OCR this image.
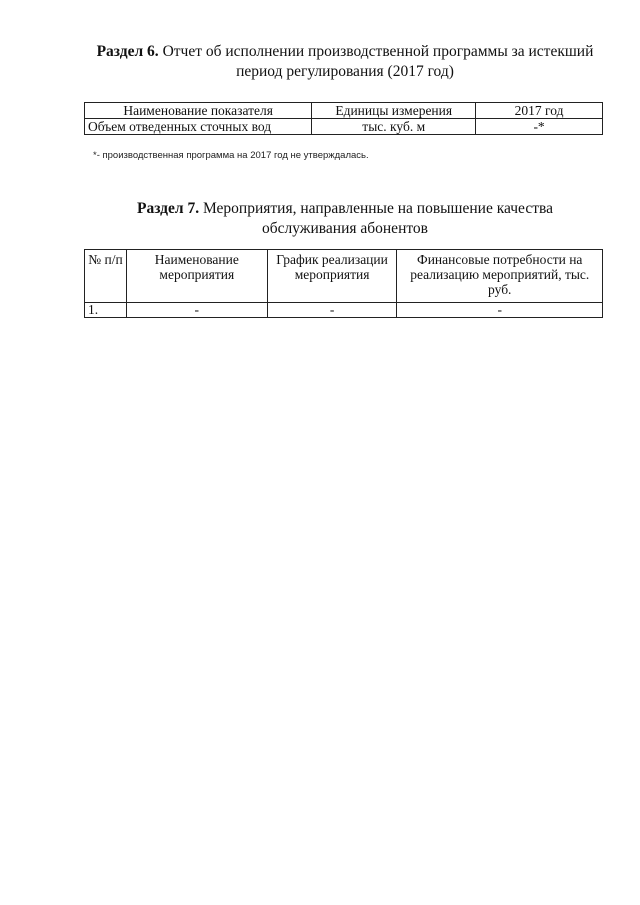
Раздел 6. Отчет об исполнении производственной программы за истекший
период регулирования (2017 год)
Наименование показателя	Единицы измерения	2017 год
Объем отведенных сточных вод	тыс. куб. м	-*
*- производственная программа на 2017 год не утверждалась.
Раздел 7. Мероприятия, направленные на повышение качества
обслуживания абонентов
№ п/п	Наименование мероприятия	График реализации мероприятия	Финансовые потребности на реализацию мероприятий, тыс. руб.
1.	-	-	-
